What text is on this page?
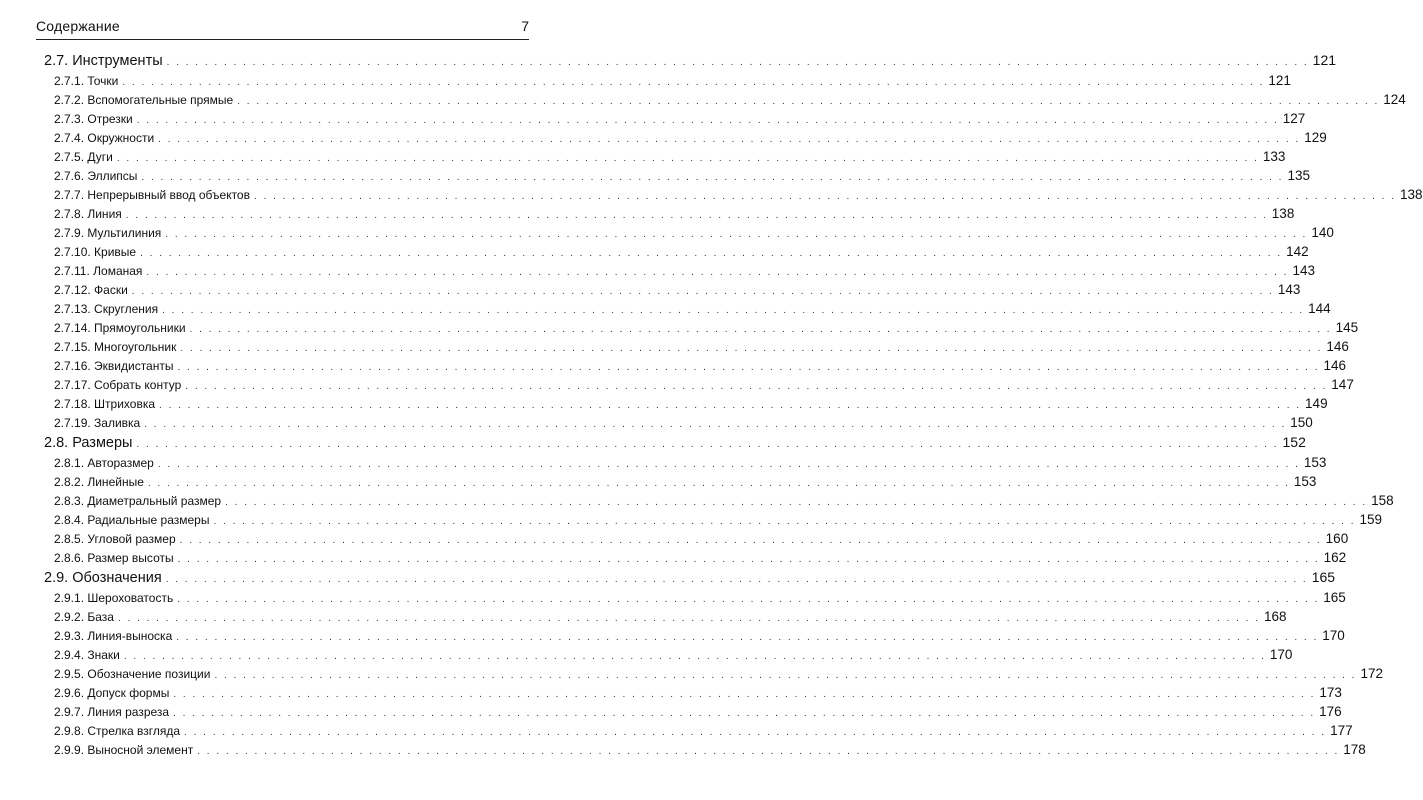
Содержание	7
2.7. Инструменты . . . . . . . . . . . . . . . . . . . . . . . . . . . . . . . . . . . . . . . . . . . . . . . . . . . . . . . . . . . . . . . . . . . . . . . . . . . . . . . . . . . . . . . . . . . . . . . . . . . . . . . . . . . . . . . . . . . . . . . . 121
2.7.1. Точки . . . . . . . . . . . . . . . . . . . . . . . . . . . . . . . . . . . . . . . . . . . . . . . . . . . . . . . . . . . . . . . . . . . . . . . . . . . . . . . . . . . . . . . . . . . . . . . . . . . . . . . . . . . . . . . . . . . . . . . . 121
2.7.2. Вспомогательные прямые . . . . . . . . . . . . . . . . . . . . . . . . . . . . . . . . . . . . . . . . . . . . . . . . . . . . . . . . . . . . . . . . . . . . . . . . . . . . . . . . . . . . . . . . . . . . . . . . . . . . . . . . . . . . . . . . . . . . . . . . 124
2.7.3. Отрезки . . . . . . . . . . . . . . . . . . . . . . . . . . . . . . . . . . . . . . . . . . . . . . . . . . . . . . . . . . . . . . . . . . . . . . . . . . . . . . . . . . . . . . . . . . . . . . . . . . . . . . . . . . . . . . . . . . . . . . . . 127
2.7.4. Окружности . . . . . . . . . . . . . . . . . . . . . . . . . . . . . . . . . . . . . . . . . . . . . . . . . . . . . . . . . . . . . . . . . . . . . . . . . . . . . . . . . . . . . . . . . . . . . . . . . . . . . . . . . . . . . . . . . . . . . . . . 129
2.7.5. Дуги . . . . . . . . . . . . . . . . . . . . . . . . . . . . . . . . . . . . . . . . . . . . . . . . . . . . . . . . . . . . . . . . . . . . . . . . . . . . . . . . . . . . . . . . . . . . . . . . . . . . . . . . . . . . . . . . . . . . . . . . 133
2.7.6. Эллипсы . . . . . . . . . . . . . . . . . . . . . . . . . . . . . . . . . . . . . . . . . . . . . . . . . . . . . . . . . . . . . . . . . . . . . . . . . . . . . . . . . . . . . . . . . . . . . . . . . . . . . . . . . . . . . . . . . . . . . . . . 135
2.7.7. Непрерывный ввод объектов . . . . . . . . . . . . . . . . . . . . . . . . . . . . . . . . . . . . . . . . . . . . . . . . . . . . . . . . . . . . . . . . . . . . . . . . . . . . . . . . . . . . . . . . . . . . . . . . . . . . . . . . . . . . . . . . . . . . . . . . 138
2.7.8. Линия . . . . . . . . . . . . . . . . . . . . . . . . . . . . . . . . . . . . . . . . . . . . . . . . . . . . . . . . . . . . . . . . . . . . . . . . . . . . . . . . . . . . . . . . . . . . . . . . . . . . . . . . . . . . . . . . . . . . . . . . 138
2.7.9. Мультилиния . . . . . . . . . . . . . . . . . . . . . . . . . . . . . . . . . . . . . . . . . . . . . . . . . . . . . . . . . . . . . . . . . . . . . . . . . . . . . . . . . . . . . . . . . . . . . . . . . . . . . . . . . . . . . . . . . . . . . . . . 140
2.7.10. Кривые . . . . . . . . . . . . . . . . . . . . . . . . . . . . . . . . . . . . . . . . . . . . . . . . . . . . . . . . . . . . . . . . . . . . . . . . . . . . . . . . . . . . . . . . . . . . . . . . . . . . . . . . . . . . . . . . . . . . . . . . 142
2.7.11. Ломаная . . . . . . . . . . . . . . . . . . . . . . . . . . . . . . . . . . . . . . . . . . . . . . . . . . . . . . . . . . . . . . . . . . . . . . . . . . . . . . . . . . . . . . . . . . . . . . . . . . . . . . . . . . . . . . . . . . . . . . . . 143
2.7.12. Фаски . . . . . . . . . . . . . . . . . . . . . . . . . . . . . . . . . . . . . . . . . . . . . . . . . . . . . . . . . . . . . . . . . . . . . . . . . . . . . . . . . . . . . . . . . . . . . . . . . . . . . . . . . . . . . . . . . . . . . . . . 143
2.7.13. Скругления . . . . . . . . . . . . . . . . . . . . . . . . . . . . . . . . . . . . . . . . . . . . . . . . . . . . . . . . . . . . . . . . . . . . . . . . . . . . . . . . . . . . . . . . . . . . . . . . . . . . . . . . . . . . . . . . . . . . . . . . 144
2.7.14. Прямоугольники . . . . . . . . . . . . . . . . . . . . . . . . . . . . . . . . . . . . . . . . . . . . . . . . . . . . . . . . . . . . . . . . . . . . . . . . . . . . . . . . . . . . . . . . . . . . . . . . . . . . . . . . . . . . . . . . . . . . . . . . 145
2.7.15. Многоугольник . . . . . . . . . . . . . . . . . . . . . . . . . . . . . . . . . . . . . . . . . . . . . . . . . . . . . . . . . . . . . . . . . . . . . . . . . . . . . . . . . . . . . . . . . . . . . . . . . . . . . . . . . . . . . . . . . . . . . . . . 146
2.7.16. Эквидистанты . . . . . . . . . . . . . . . . . . . . . . . . . . . . . . . . . . . . . . . . . . . . . . . . . . . . . . . . . . . . . . . . . . . . . . . . . . . . . . . . . . . . . . . . . . . . . . . . . . . . . . . . . . . . . . . . . . . . . . . . 146
2.7.17. Собрать контур . . . . . . . . . . . . . . . . . . . . . . . . . . . . . . . . . . . . . . . . . . . . . . . . . . . . . . . . . . . . . . . . . . . . . . . . . . . . . . . . . . . . . . . . . . . . . . . . . . . . . . . . . . . . . . . . . . . . . . . . 147
2.7.18. Штриховка . . . . . . . . . . . . . . . . . . . . . . . . . . . . . . . . . . . . . . . . . . . . . . . . . . . . . . . . . . . . . . . . . . . . . . . . . . . . . . . . . . . . . . . . . . . . . . . . . . . . . . . . . . . . . . . . . . . . . . . . 149
2.7.19. Заливка . . . . . . . . . . . . . . . . . . . . . . . . . . . . . . . . . . . . . . . . . . . . . . . . . . . . . . . . . . . . . . . . . . . . . . . . . . . . . . . . . . . . . . . . . . . . . . . . . . . . . . . . . . . . . . . . . . . . . . . . 150
2.8. Размеры . . . . . . . . . . . . . . . . . . . . . . . . . . . . . . . . . . . . . . . . . . . . . . . . . . . . . . . . . . . . . . . . . . . . . . . . . . . . . . . . . . . . . . . . . . . . . . . . . . . . . . . . . . . . . . . . . . . . . . . . 152
2.8.1. Авторазмер . . . . . . . . . . . . . . . . . . . . . . . . . . . . . . . . . . . . . . . . . . . . . . . . . . . . . . . . . . . . . . . . . . . . . . . . . . . . . . . . . . . . . . . . . . . . . . . . . . . . . . . . . . . . . . . . . . . . . . . . 153
2.8.2. Линейные . . . . . . . . . . . . . . . . . . . . . . . . . . . . . . . . . . . . . . . . . . . . . . . . . . . . . . . . . . . . . . . . . . . . . . . . . . . . . . . . . . . . . . . . . . . . . . . . . . . . . . . . . . . . . . . . . . . . . . . . 153
2.8.3. Диаметральный размер . . . . . . . . . . . . . . . . . . . . . . . . . . . . . . . . . . . . . . . . . . . . . . . . . . . . . . . . . . . . . . . . . . . . . . . . . . . . . . . . . . . . . . . . . . . . . . . . . . . . . . . . . . . . . . . . . . . . . . . . 158
2.8.4. Радиальные размеры . . . . . . . . . . . . . . . . . . . . . . . . . . . . . . . . . . . . . . . . . . . . . . . . . . . . . . . . . . . . . . . . . . . . . . . . . . . . . . . . . . . . . . . . . . . . . . . . . . . . . . . . . . . . . . . . . . . . . . . . 159
2.8.5. Угловой размер . . . . . . . . . . . . . . . . . . . . . . . . . . . . . . . . . . . . . . . . . . . . . . . . . . . . . . . . . . . . . . . . . . . . . . . . . . . . . . . . . . . . . . . . . . . . . . . . . . . . . . . . . . . . . . . . . . . . . . . . 160
2.8.6. Размер высоты . . . . . . . . . . . . . . . . . . . . . . . . . . . . . . . . . . . . . . . . . . . . . . . . . . . . . . . . . . . . . . . . . . . . . . . . . . . . . . . . . . . . . . . . . . . . . . . . . . . . . . . . . . . . . . . . . . . . . . . . 162
2.9. Обозначения . . . . . . . . . . . . . . . . . . . . . . . . . . . . . . . . . . . . . . . . . . . . . . . . . . . . . . . . . . . . . . . . . . . . . . . . . . . . . . . . . . . . . . . . . . . . . . . . . . . . . . . . . . . . . . . . . . . . . . . . 165
2.9.1. Шероховатость . . . . . . . . . . . . . . . . . . . . . . . . . . . . . . . . . . . . . . . . . . . . . . . . . . . . . . . . . . . . . . . . . . . . . . . . . . . . . . . . . . . . . . . . . . . . . . . . . . . . . . . . . . . . . . . . . . . . . . . . 165
2.9.2. База . . . . . . . . . . . . . . . . . . . . . . . . . . . . . . . . . . . . . . . . . . . . . . . . . . . . . . . . . . . . . . . . . . . . . . . . . . . . . . . . . . . . . . . . . . . . . . . . . . . . . . . . . . . . . . . . . . . . . . . . 168
2.9.3. Линия-выноска . . . . . . . . . . . . . . . . . . . . . . . . . . . . . . . . . . . . . . . . . . . . . . . . . . . . . . . . . . . . . . . . . . . . . . . . . . . . . . . . . . . . . . . . . . . . . . . . . . . . . . . . . . . . . . . . . . . . . . . . 170
2.9.4. Знаки . . . . . . . . . . . . . . . . . . . . . . . . . . . . . . . . . . . . . . . . . . . . . . . . . . . . . . . . . . . . . . . . . . . . . . . . . . . . . . . . . . . . . . . . . . . . . . . . . . . . . . . . . . . . . . . . . . . . . . . . 170
2.9.5. Обозначение позиции . . . . . . . . . . . . . . . . . . . . . . . . . . . . . . . . . . . . . . . . . . . . . . . . . . . . . . . . . . . . . . . . . . . . . . . . . . . . . . . . . . . . . . . . . . . . . . . . . . . . . . . . . . . . . . . . . . . . . . . . 172
2.9.6. Допуск формы . . . . . . . . . . . . . . . . . . . . . . . . . . . . . . . . . . . . . . . . . . . . . . . . . . . . . . . . . . . . . . . . . . . . . . . . . . . . . . . . . . . . . . . . . . . . . . . . . . . . . . . . . . . . . . . . . . . . . . . . 173
2.9.7. Линия разреза . . . . . . . . . . . . . . . . . . . . . . . . . . . . . . . . . . . . . . . . . . . . . . . . . . . . . . . . . . . . . . . . . . . . . . . . . . . . . . . . . . . . . . . . . . . . . . . . . . . . . . . . . . . . . . . . . . . . . . . . 176
2.9.8. Стрелка взгляда . . . . . . . . . . . . . . . . . . . . . . . . . . . . . . . . . . . . . . . . . . . . . . . . . . . . . . . . . . . . . . . . . . . . . . . . . . . . . . . . . . . . . . . . . . . . . . . . . . . . . . . . . . . . . . . . . . . . . . . . 177
2.9.9. Выносной элемент . . . . . . . . . . . . . . . . . . . . . . . . . . . . . . . . . . . . . . . . . . . . . . . . . . . . . . . . . . . . . . . . . . . . . . . . . . . . . . . . . . . . . . . . . . . . . . . . . . . . . . . . . . . . . . . . . . . . . . . . 178
